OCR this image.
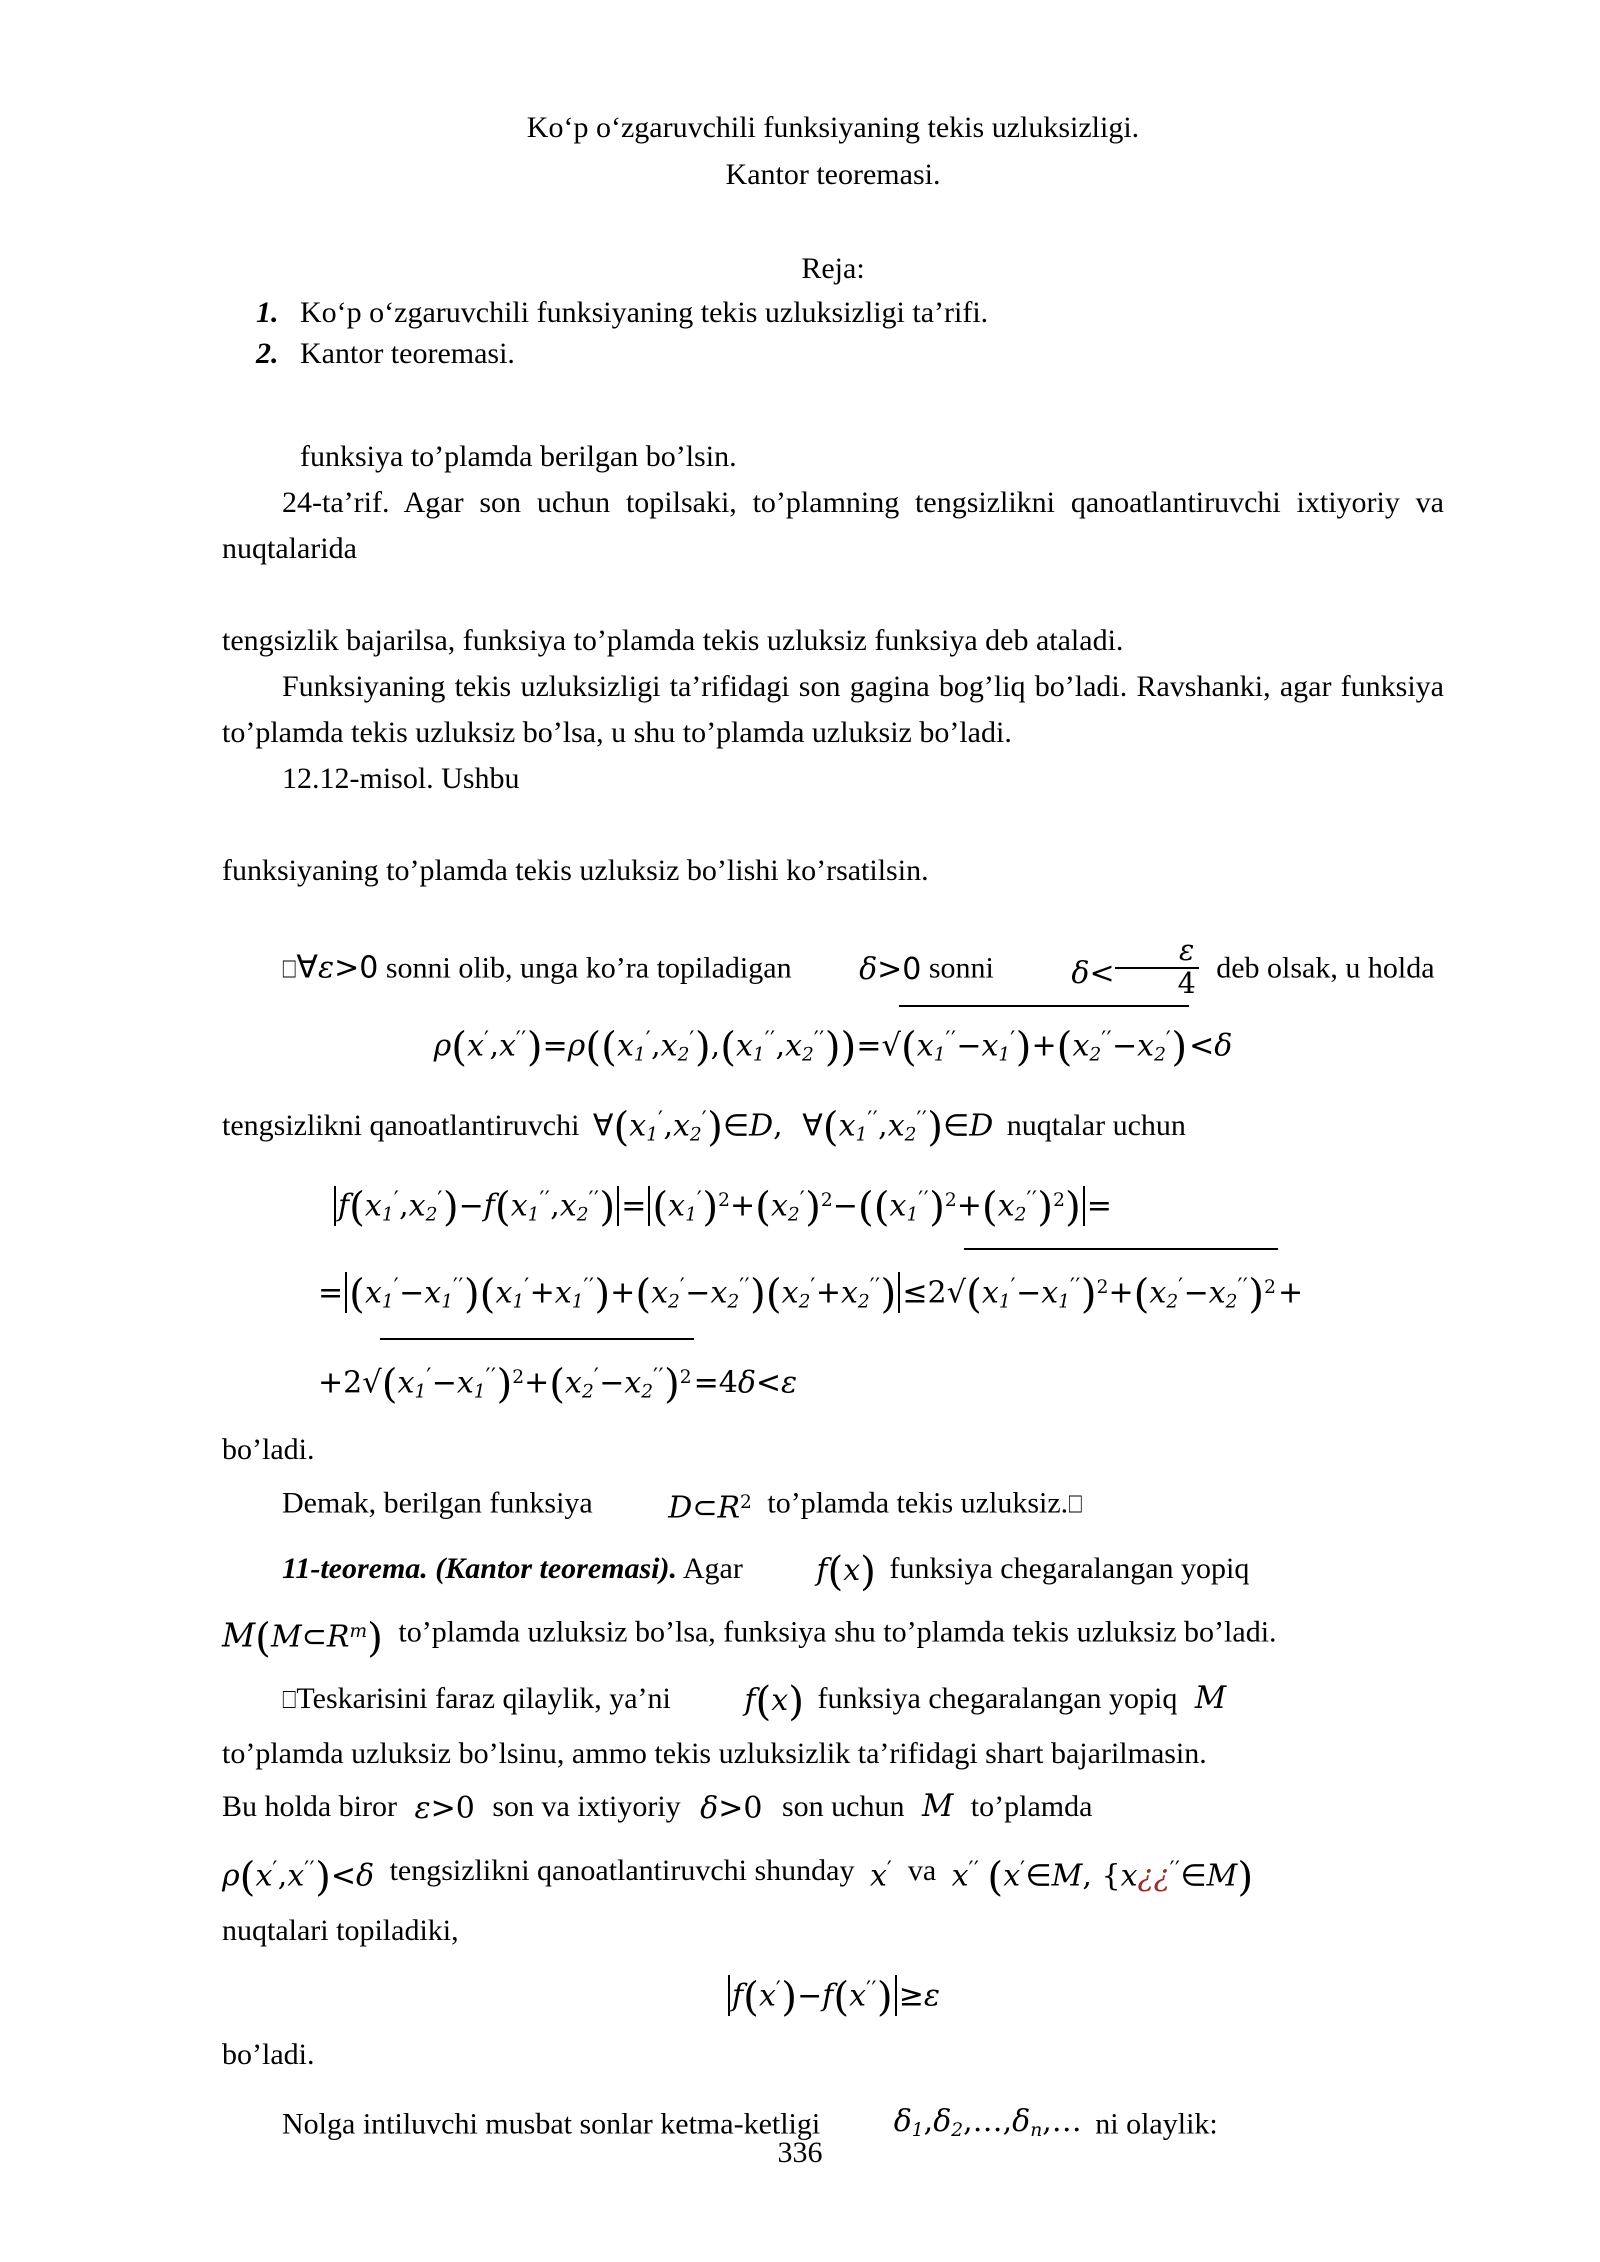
Ko‘p o‘zgaruvchili funksiyaning tekis uzluksizligi.
Kantor teoremasi.
Reja:
1. Ko‘p o‘zgaruvchili funksiyaning tekis uzluksizligi ta’rifi.
2. Kantor teoremasi.

funksiya to’plamda berilgan bo’lsin.

24-ta’rif. Agar son uchun topilsaki, to’plamning tengsizlikni qanoatlantiruvchi ixtiyoriy va nuqtalarida

tengsizlik bajarilsa, funksiya to’plamda tekis uzluksiz funksiya deb ataladi.

Funksiyaning tekis uzluksizligi ta’rifidagi son gagina bog’liq bo’ladi. Ravshanki, agar funksiya to’plamda tekis uzluksiz bo’lsa, u shu to’plamda uzluksiz bo’ladi.

12.12-misol. Ushbu

funksiyaning to’plamda tekis uzluksiz bo’lishi ko’rsatilsin.

⎕∀ε>0 sonni olib, unga ko’ra topiladigan δ>0 sonni	$\delta< \frac{\varepsilon}{4}$ deb olsak, u holda

$\rho(x',x'')=\rho((x_1',x_2'),(x_1'',x_2''))=√(x_1''-x_1')+(x_2''-x_2')<\delta$

tengsizlikni qanoatlantiruvchi $\forall(x_1',x_2')\in D$, $\forall(x_1'',x_2'')\in D$ nuqtalar uchun

$f(x_1',x_2')-f(x_1'',x_2'') = (x_1')^2+(x_2')^2-((x_1'')^2+(x_2'')^2)$ =
= $(x_1'-x_1'')(x_1'+x_1'')+(x_2'-x_2'')(x_2'+x_2'') \le 2√(x_1'-x_1'')^2+(x_2'-x_2'')^2+$
$+2√(x_1'-x_1'')^2+(x_2'-x_2'')^2=4\delta<\varepsilon$

bo’ladi.

Demak, berilgan funksiya	$D\subset R^2$ to’plamda tekis uzluksiz.⎕

11-teorema. (Kantor teoremasi). Agar f(x) funksiya chegaralangan yopiq

$M(M\subset R^m)$ to’plamda uzluksiz bo’lsa, funksiya shu to’plamda tekis uzluksiz bo’ladi.

⎕Teskarisini faraz qilaylik, ya’ni f(x) funksiya chegaralangan yopiq M

to’plamda uzluksiz bo’lsinu, ammo tekis uzluksizlik ta’rifidagi shart bajarilmasin.

Bu holda biror ε>0 son va ixtiyoriy δ>0 son uchun M to’plamda

ρ(x′,x′′)<δ tengsizlikni qanoatlantiruvchi shunday x′ va x′′ (x′∈M, {x¿¿′′∈M)

nuqtalari topiladiki,

f(x′)−f(x′′) ≥ε

bo’ladi.

Nolga intiluvchi musbat sonlar ketma-ketligi $\delta_1,\delta_2,\dots,\delta_n,\dots$ ni olaylik:

336
